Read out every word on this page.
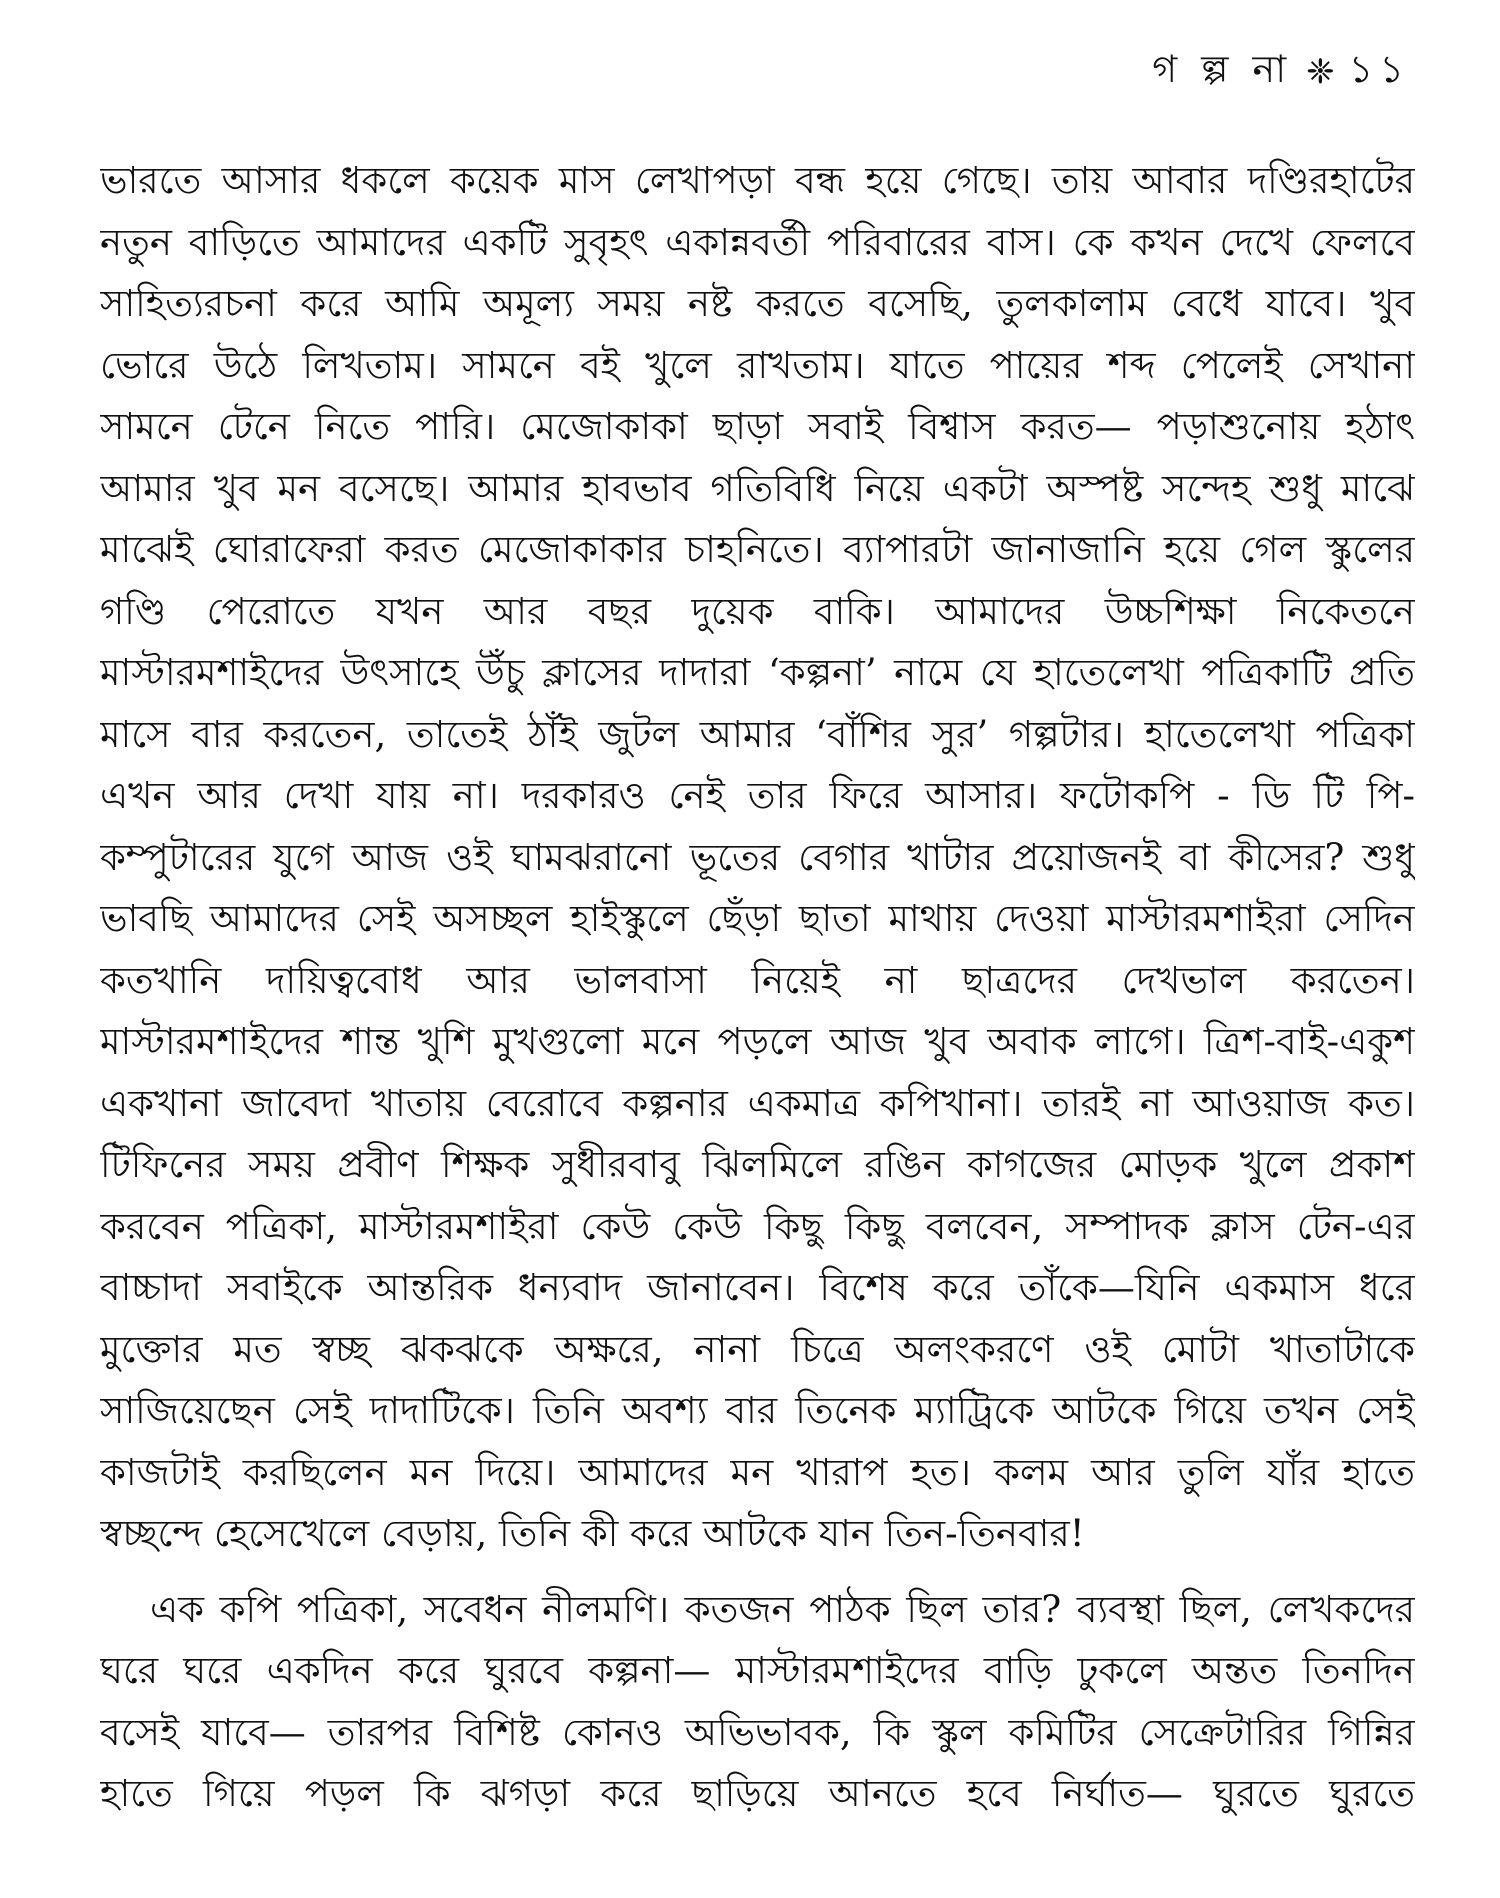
গ ল্প না ❈ ১১
ভারতে আসার ধকলে কয়েক মাস লেখাপড়া বন্ধ হয়ে গেছে। তায় আবার দণ্ডিরহাটের
নতুন বাড়িতে আমাদের একটি সুবৃহৎ একান্নবর্তী পরিবারের বাস। কে কখন দেখে ফেলবে
সাহিত্যরচনা করে আমি অমূল্য সময় নষ্ট করতে বসেছি, তুলকালাম বেধে যাবে। খুব
ভোরে উঠে লিখতাম। সামনে বই খুলে রাখতাম। যাতে পায়ের শব্দ পেলেই সেখানা
সামনে টেনে নিতে পারি। মেজোকাকা ছাড়া সবাই বিশ্বাস করত— পড়াশুনোয় হঠাৎ
আমার খুব মন বসেছে। আমার হাবভাব গতিবিধি নিয়ে একটা অস্পষ্ট সন্দেহ শুধু মাঝে
মাঝেই ঘোরাফেরা করত মেজোকাকার চাহনিতে। ব্যাপারটা জানাজানি হয়ে গেল স্কুলের
গণ্ডি পেরোতে যখন আর বছর দুয়েক বাকি। আমাদের উচ্চশিক্ষা নিকেতনে
মাস্টারমশাইদের উৎসাহে উঁচু ক্লাসের দাদারা ‘কল্পনা’ নামে যে হাতেলেখা পত্রিকাটি প্রতি
মাসে বার করতেন, তাতেই ঠাঁই জুটল আমার ‘বাঁশির সুর’ গল্পটার। হাতেলেখা পত্রিকা
এখন আর দেখা যায় না। দরকারও নেই তার ফিরে আসার। ফটোকপি - ডি টি পি-
কম্পুটারের যুগে আজ ওই ঘামঝরানো ভূতের বেগার খাটার প্রয়োজনই বা কীসের? শুধু
ভাবছি আমাদের সেই অসচ্ছল হাইস্কুলে ছেঁড়া ছাতা মাথায় দেওয়া মাস্টারমশাইরা সেদিন
কতখানি দায়িত্ববোধ আর ভালবাসা নিয়েই না ছাত্রদের দেখভাল করতেন।
মাস্টারমশাইদের শান্ত খুশি মুখগুলো মনে পড়লে আজ খুব অবাক লাগে। ত্রিশ-বাই-একুশ
একখানা জাবেদা খাতায় বেরোবে কল্পনার একমাত্র কপিখানা। তারই না আওয়াজ কত।
টিফিনের সময় প্রবীণ শিক্ষক সুধীরবাবু ঝিলমিলে রঙিন কাগজের মোড়ক খুলে প্রকাশ
করবেন পত্রিকা, মাস্টারমশাইরা কেউ কেউ কিছু কিছু বলবেন, সম্পাদক ক্লাস টেন-এর
বাচ্চাদা সবাইকে আন্তরিক ধন্যবাদ জানাবেন। বিশেষ করে তাঁকে—যিনি একমাস ধরে
মুক্তোর মত স্বচ্ছ ঝকঝকে অক্ষরে, নানা চিত্রে অলংকরণে ওই মোটা খাতাটাকে
সাজিয়েছেন সেই দাদাটিকে। তিনি অবশ্য বার তিনেক ম্যাট্রিকে আটকে গিয়ে তখন সেই
কাজটাই করছিলেন মন দিয়ে। আমাদের মন খারাপ হত। কলম আর তুলি যাঁর হাতে
স্বচ্ছন্দে হেসেখেলে বেড়ায়, তিনি কী করে আটকে যান তিন-তিনবার!
এক কপি পত্রিকা, সবেধন নীলমণি। কতজন পাঠক ছিল তার? ব্যবস্থা ছিল, লেখকদের
ঘরে ঘরে একদিন করে ঘুরবে কল্পনা— মাস্টারমশাইদের বাড়ি ঢুকলে অন্তত তিনদিন
বসেই যাবে— তারপর বিশিষ্ট কোনও অভিভাবক, কি স্কুল কমিটির সেক্রেটারির গিন্নির
হাতে গিয়ে পড়ল কি ঝগড়া করে ছাড়িয়ে আনতে হবে নির্ঘাত— ঘুরতে ঘুরতে
